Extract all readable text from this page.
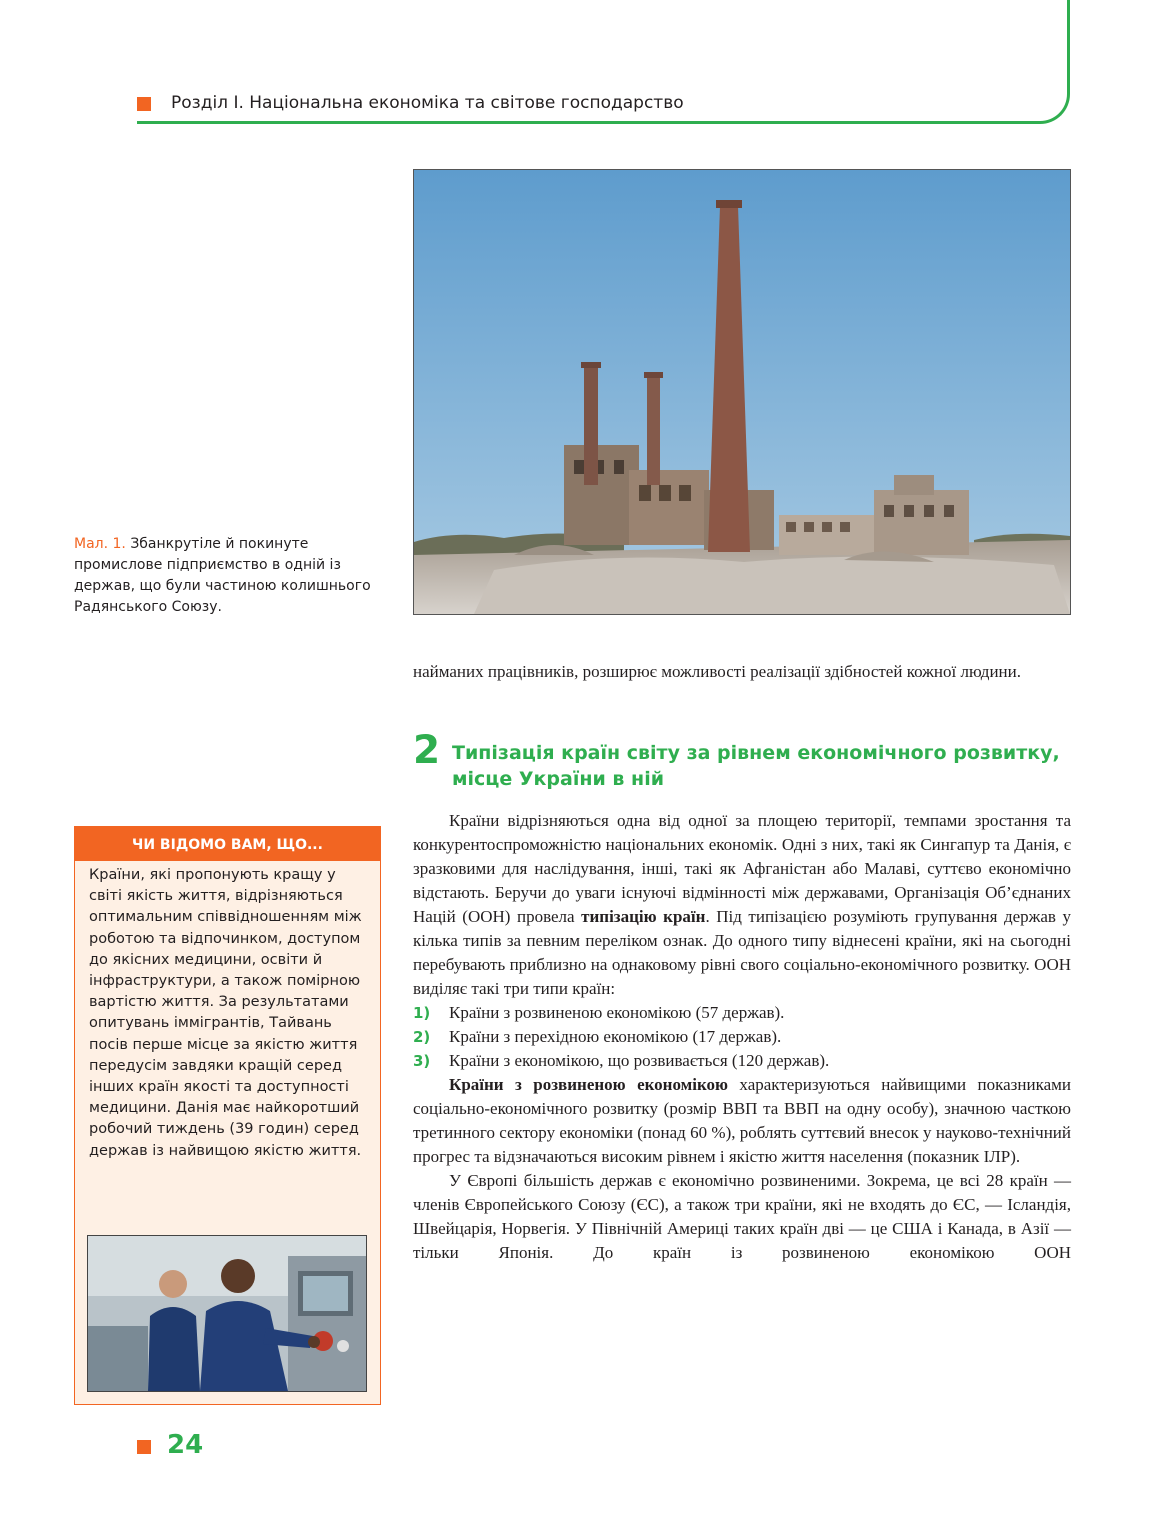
Розділ І. Національна економіка та світове господарство
Мал. 1. Збанкрутіле й покинуте промислове підприємство в одній із держав, що були частиною колишнього Радянського Союзу.

найманих працівників, розширює можливості реалізації здібностей кожної людини.

2 Типізація країн світу за рівнем економічного розвитку, місце України в ній

Країни відрізняються одна від одної за площею території, темпами зростання та конкурентоспроможністю національних економік. Одні з них, такі як Сингапур та Данія, є зразковими для наслідування, інші, такі як Афганістан або Малаві, суттєво економічно відстають. Беручи до уваги існуючі відмінності між державами, Організація Об’єднаних Націй (ООН) провела типізацію країн. Під типізацією розуміють групування держав у кілька типів за певним переліком ознак. До одного типу віднесені країни, які на сьогодні перебувають приблизно на однаковому рівні свого соціально-економічного розвитку. ООН виділяє такі три типи країн:

1)	Країни з розвиненою економікою (57 держав).
2)	Країни з перехідною економікою (17 держав).
3)	Країни з економікою, що розвивається (120 держав).

Країни з розвиненою економікою характеризуються найвищими показниками соціально-економічного розвитку (розмір ВВП та ВВП на одну особу), значною часткою третинного сектору економіки (понад 60 %), роблять суттєвий внесок у науково-технічний прогрес та відзначаються високим рівнем і якістю життя населення (показник ІЛР).

У Європі більшість держав є економічно розвиненими. Зокрема, це всі 28 країн — членів Європейського Союзу (ЄС), а також три країни, які не входять до ЄС, — Ісландія, Швейцарія, Норвегія. У Північній Америці таких країн дві — це США і Канада, в Азії — тільки Японія. До країн із розвиненою економікою ООН

ЧИ ВІДОМО ВАМ, ЩО...
Країни, які пропонують кращу у світі якість життя, відрізняються оптимальним співвідношенням між роботою та відпочинком, доступом до якісних медицини, освіти й інфраструктури, а також помірною вартістю життя. За результатами опитувань іммігрантів, Тайвань посів перше місце за якістю життя передусім завдяки кращій серед інших країн якості та доступності медицини. Данія має найкоротший робочий тиждень (39 годин) серед держав із найвищою якістю життя.
24
